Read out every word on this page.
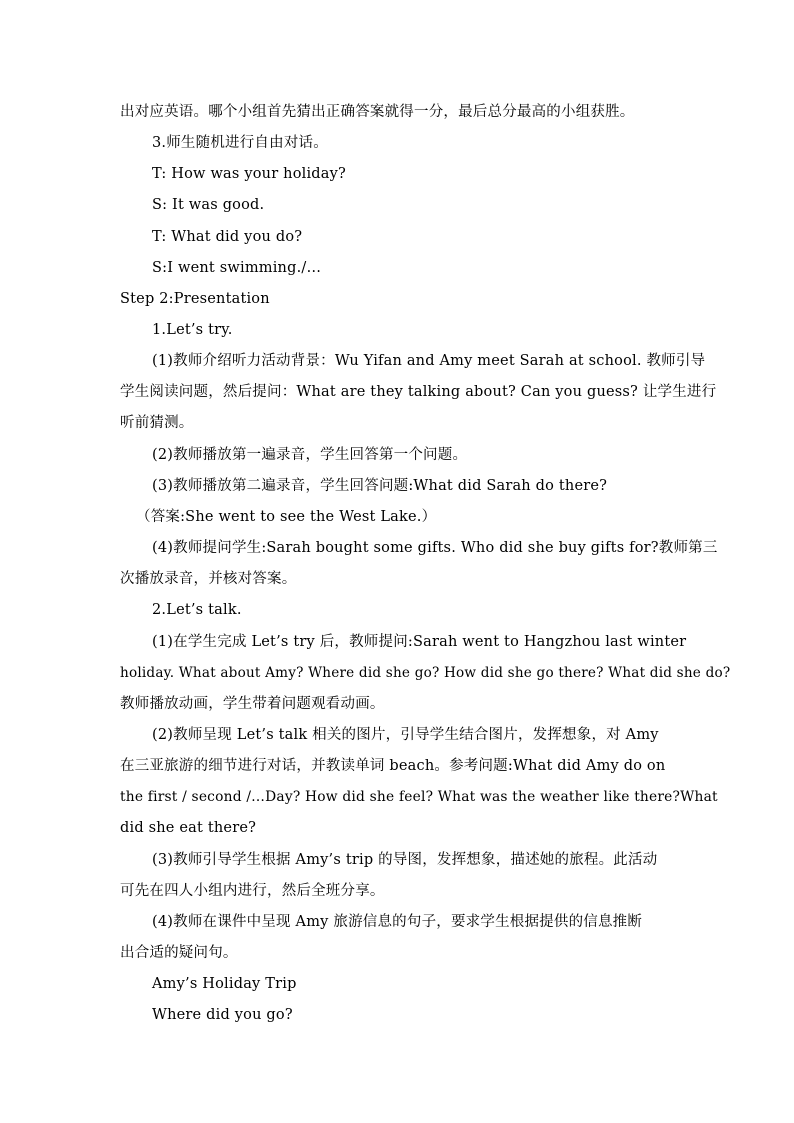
出对应英语。哪个小组首先猜出正确答案就得一分，最后总分最高的小组获胜。
3.师生随机进行自由对话。
T: How was your holiday?
S: It was good.
T: What did you do?
S:I went swimming./…
Step 2:Presentation
1.Let’s try.
(1)教师介绍听力活动背景：Wu Yifan and Amy meet Sarah at school. 教师引导
学生阅读问题，然后提问：What are they talking about? Can you guess? 让学生进行
听前猜测。
(2)教师播放第一遍录音，学生回答第一个问题。
(3)教师播放第二遍录音，学生回答问题:What did Sarah do there?
（答案:She went to see the West Lake.）
(4)教师提问学生:Sarah bought some gifts. Who did she buy gifts for?教师第三
次播放录音，并核对答案。
2.Let’s talk.
(1)在学生完成 Let’s try 后，教师提问:Sarah went to Hangzhou last winter
holiday. What about Amy? Where did she go? How did she go there? What did she do?
教师播放动画，学生带着问题观看动画。
(2)教师呈现 Let’s talk 相关的图片，引导学生结合图片，发挥想象，对 Amy
在三亚旅游的细节进行对话，并教读单词 beach。参考问题:What did Amy do on
the first / second /…Day? How did she feel? What was the weather like there?What
did she eat there?
(3)教师引导学生根据 Amy’s trip 的导图，发挥想象，描述她的旅程。此活动
可先在四人小组内进行，然后全班分享。
(4)教师在课件中呈现 Amy 旅游信息的句子，要求学生根据提供的信息推断
出合适的疑问句。
Amy’s Holiday Trip
Where did you go?
